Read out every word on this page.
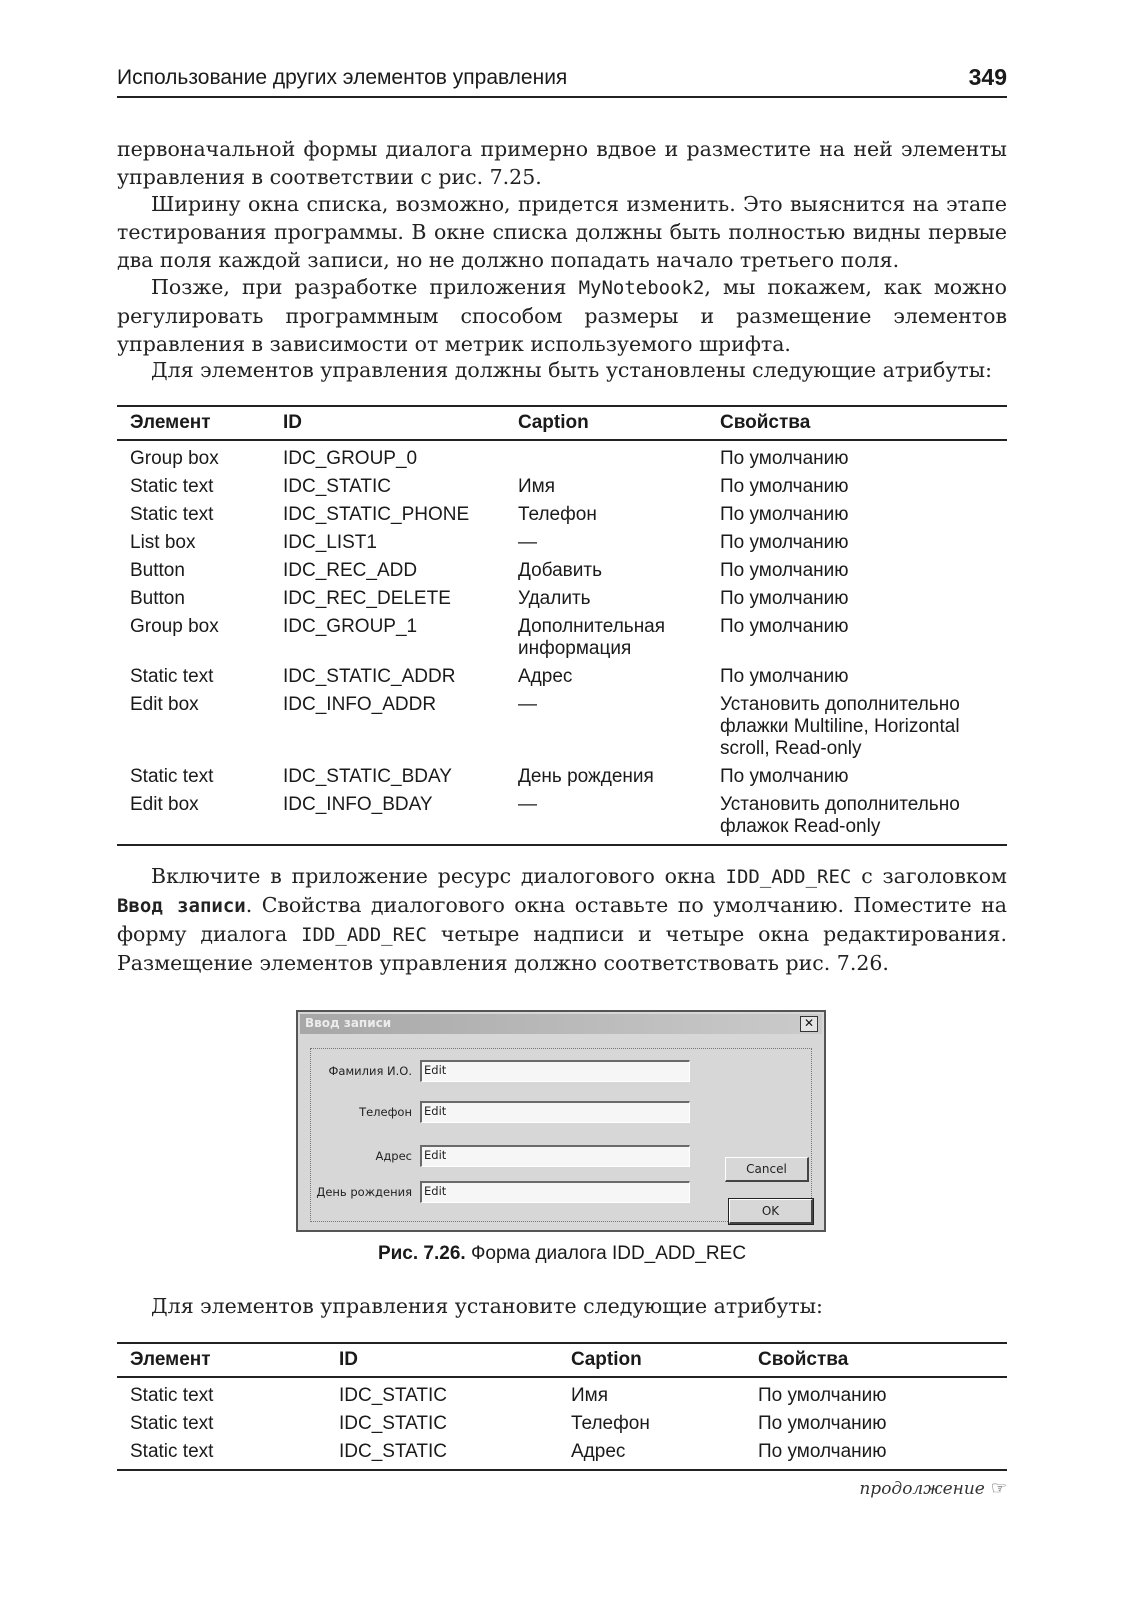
Использование других элементов управления	349

первоначальной формы диалога примерно вдвое и разместите на ней элементы управления в соответствии с рис. 7.25.

Ширину окна списка, возможно, придется изменить. Это выяснится на этапе тестирования программы. В окне списка должны быть полностью видны первые два поля каждой записи, но не должно попадать начало третьего поля.

Позже, при разработке приложения MyNotebook2, мы покажем, как можно регулировать программным способом размеры и размещение элементов управления в зависимости от метрик используемого шрифта.

Для элементов управления должны быть установлены следующие атрибуты:

Элемент	ID	Caption	Свойства
Group box	IDC_GROUP_0		По умолчанию
Static text	IDC_STATIC	Имя	По умолчанию
Static text	IDC_STATIC_PHONE	Телефон	По умолчанию
List box	IDC_LIST1	—	По умолчанию
Button	IDC_REC_ADD	Добавить	По умолчанию
Button	IDC_REC_DELETE	Удалить	По умолчанию
Group box	IDC_GROUP_1	Дополнительная информация	По умолчанию
Static text	IDC_STATIC_ADDR	Адрес	По умолчанию
Edit box	IDC_INFO_ADDR	—	Установить дополнительно флажки Multiline, Horizontal scroll, Read-only
Static text	IDC_STATIC_BDAY	День рождения	По умолчанию
Edit box	IDC_INFO_BDAY	—	Установить дополнительно флажок Read-only

Включите в приложение ресурс диалогового окна IDD_ADD_REC с заголовком Ввод записи. Свойства диалогового окна оставьте по умолчанию. Поместите на форму диалога IDD_ADD_REC четыре надписи и четыре окна редактирования. Размещение элементов управления должно соответствовать рис. 7.26.

Для элементов управления установите следующие атрибуты:

Элемент	ID	Caption	Свойства
Static text	IDC_STATIC	Имя	По умолчанию
Static text	IDC_STATIC	Телефон	По умолчанию
Static text	IDC_STATIC	Адрес	По умолчанию
Рис. 7.26. Форма диалога IDD_ADD_REC
продолжение ☞
Ввод записи	✕
Фамилия И.О. Edit
Телефон Edit
Адрес Edit
День рождения Edit
Cancel
OK
